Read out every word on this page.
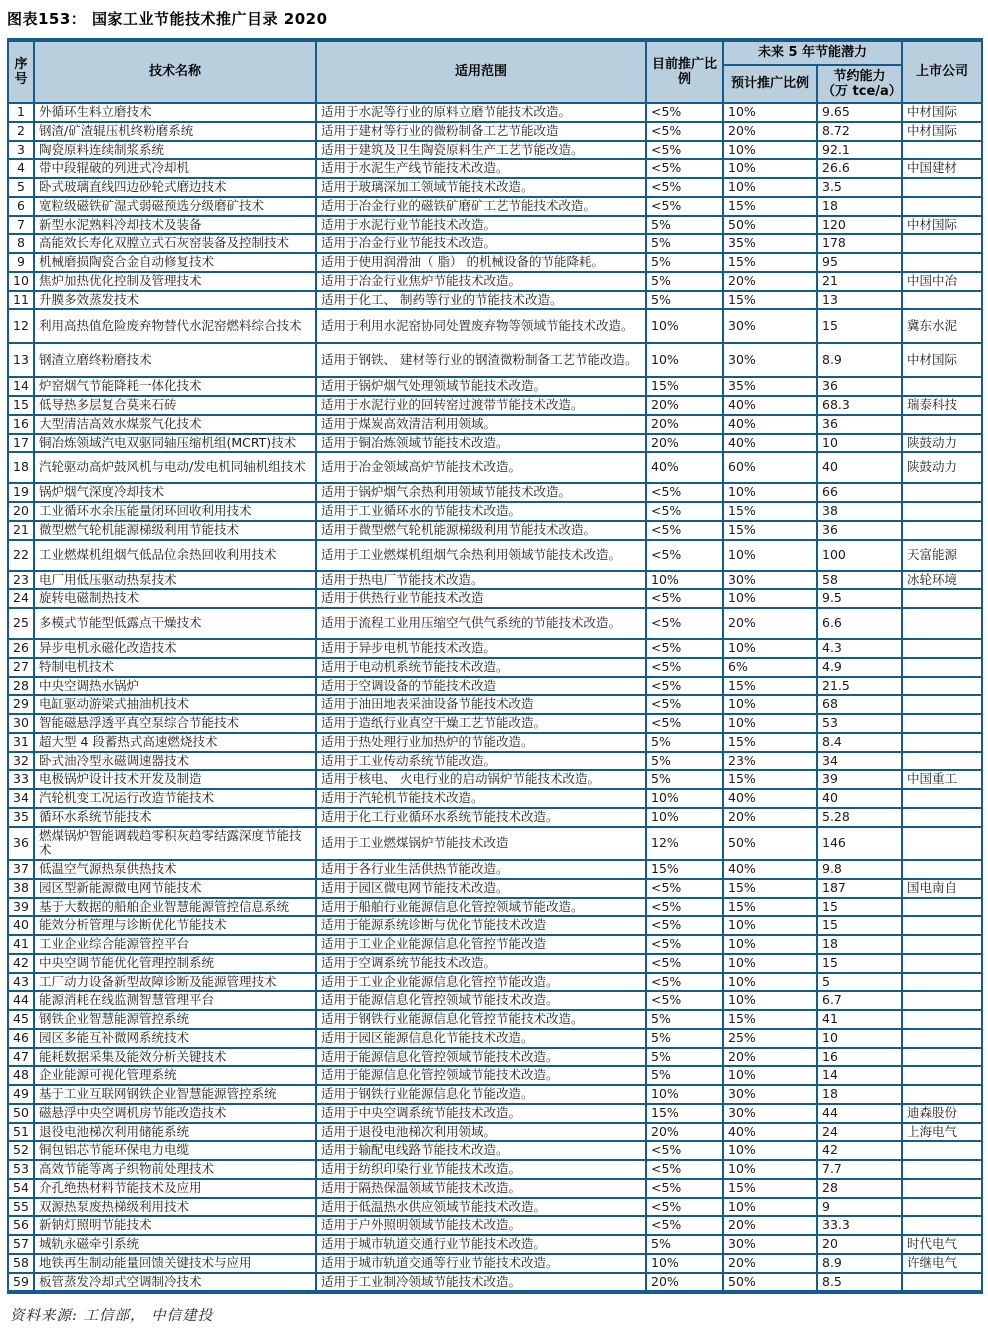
图表153： 国家工业节能技术推广目录 2020
序号	技术名称	适用范围	目前推广比例	未来 5 年节能潜力		上市公司
				预计推广比例	节约能力
（万 tce/a）	
1	外循环生料立磨技术	适用于水泥等行业的原料立磨节能技术改造。	<5%	10%	9.65	中材国际
2	钢渣/矿渣辊压机终粉磨系统	适用于建材等行业的微粉制备工艺节能改造	<5%	20%	8.72	中材国际
3	陶瓷原料连续制浆系统	适用于建筑及卫生陶瓷原料生产工艺节能改造。	<5%	10%	92.1	
4	带中段辊破的列进式冷却机	适用于水泥生产线节能技术改造。	<5%	10%	26.6	中国建材
5	卧式玻璃直线四边砂轮式磨边技术	适用于玻璃深加工领域节能技术改造。	<5%	10%	3.5	
6	宽粒级磁铁矿湿式弱磁预选分级磨矿技术	适用于冶金行业的磁铁矿磨矿工艺节能技术改造。	<5%	15%	18	
7	新型水泥熟料冷却技术及装备	适用于水泥行业节能技术改造。	5%	50%	120	中材国际
8	高能效长寿化双膛立式石灰窑装备及控制技术	适用于冶金行业节能技术改造。	5%	35%	178	
9	机械磨损陶瓷合金自动修复技术	适用于使用润滑油（ 脂） 的机械设备的节能降耗。	5%	15%	95	
10	焦炉加热优化控制及管理技术	适用于冶金行业焦炉节能技术改造。	5%	20%	21	中国中冶
11	升膜多效蒸发技术	适用于化工、 制药等行业的节能技术改造。	5%	15%	13	
12	利用高热值危险废弃物替代水泥窑燃料综合技术	适用于利用水泥窑协同处置废弃物等领域节能技术改造。	10%	30%	15	冀东水泥
13	钢渣立磨终粉磨技术	适用于钢铁、 建材等行业的钢渣微粉制备工艺节能改造。	10%	30%	8.9	中材国际
14	炉窑烟气节能降耗一体化技术	适用于锅炉烟气处理领域节能技术改造。	15%	35%	36	
15	低导热多层复合莫来石砖	适用于水泥行业的回转窑过渡带节能技术改造。	20%	40%	68.3	瑞泰科技
16	大型清洁高效水煤浆气化技术	适用于煤炭高效清洁利用领域。	20%	40%	36	
17	铜冶炼领域汽电双驱同轴压缩机组(MCRT)技术	适用于铜冶炼领域节能技术改造。	20%	40%	10	陕鼓动力
18	汽轮驱动高炉鼓风机与电动/发电机同轴机组技术	适用于冶金领域高炉节能技术改造。	40%	60%	40	陕鼓动力
19	锅炉烟气深度冷却技术	适用于锅炉烟气余热利用领域节能技术改造。	<5%	10%	66	
20	工业循环水余压能量闭环回收利用技术	适用于工业循环水的节能技术改造。	<5%	15%	38	
21	微型燃气轮机能源梯级利用节能技术	适用于微型燃气轮机能源梯级利用节能技术改造。	<5%	15%	36	
22	工业燃煤机组烟气低品位余热回收利用技术	适用于工业燃煤机组烟气余热利用领域节能技术改造。	<5%	10%	100	天富能源
23	电厂用低压驱动热泵技术	适用于热电厂节能技术改造。	10%	30%	58	冰轮环境
24	旋转电磁制热技术	适用于供热行业节能技术改造	<5%	10%	9.5	
25	多模式节能型低露点干燥技术	适用于流程工业用压缩空气供气系统的节能技术改造。	<5%	20%	6.6	
26	异步电机永磁化改造技术	适用于异步电机节能技术改造。	<5%	10%	4.3	
27	特制电机技术	适用于电动机系统节能技术改造。	<5%	6%	4.9	
28	中央空调热水锅炉	适用于空调设备的节能技术改造	<5%	15%	21.5	
29	电缸驱动游梁式抽油机技术	适用于油田地表采油设备节能技术改造	<5%	10%	68	
30	智能磁悬浮透平真空泵综合节能技术	适用于造纸行业真空干燥工艺节能改造。	<5%	10%	53	
31	超大型 4 段蓄热式高速燃烧技术	适用于热处理行业加热炉的节能改造。	5%	15%	8.4	
32	卧式油冷型永磁调速器技术	适用于工业传动系统节能改造。	5%	23%	34	
33	电极锅炉设计技术开发及制造	适用于核电、 火电行业的启动锅炉节能技术改造。	5%	15%	39	中国重工
34	汽轮机变工况运行改造节能技术	适用于汽轮机节能技术改造。	10%	40%	40	
35	循环水系统节能技术	适用于化工行业循环水系统节能技术改造。	10%	20%	5.28	
36	燃煤锅炉智能调载趋零积灰趋零结露深度节能技术	适用于工业燃煤锅炉节能技术改造	12%	50%	146	
37	低温空气源热泵供热技术	适用于各行业生活供热节能改造。	15%	40%	9.8	
38	园区型新能源微电网节能技术	适用于园区微电网节能技术改造。	<5%	15%	187	国电南自
39	基于大数据的船舶企业智慧能源管控信息系统	适用于船舶行业能源信息化管控领域节能改造。	<5%	15%	15	
40	能效分析管理与诊断优化节能技术	适用于能源系统诊断与优化节能技术改造	<5%	10%	15	
41	工业企业综合能源管控平台	适用于工业企业能源信息化管控节能改造	<5%	10%	18	
42	中央空调节能优化管理控制系统	适用于空调系统节能技术改造。	<5%	10%	15	
43	工厂动力设备新型故障诊断及能源管理技术	适用于工业企业能源信息化管控节能改造。	<5%	10%	5	
44	能源消耗在线监测智慧管理平台	适用于能源信息化管控领域节能技术改造。	<5%	10%	6.7	
45	钢铁企业智慧能源管控系统	适用于钢铁行业能源信息化管控节能技术改造。	5%	15%	41	
46	园区多能互补微网系统技术	适用于园区能源信息化节能技术改造。	5%	25%	10	
47	能耗数据采集及能效分析关键技术	适用于能源信息化管控领域节能技术改造。	5%	20%	16	
48	企业能源可视化管理系统	适用于能源信息化管控领域节能技术改造。	5%	10%	14	
49	基于工业互联网钢铁企业智慧能源管控系统	适用于钢铁行业能源信息化节能改造。	10%	30%	18	
50	磁悬浮中央空调机房节能改造技术	适用于中央空调系统节能技术改造。	15%	30%	44	迪森股份
51	退役电池梯次利用储能系统	适用于退役电池梯次利用领域。	20%	40%	24	上海电气
52	铜包铝芯节能环保电力电缆	适用于输配电线路节能技术改造。	<5%	10%	42	
53	高效节能等离子织物前处理技术	适用于纺织印染行业节能技术改造。	<5%	10%	7.7	
54	介孔绝热材料节能技术及应用	适用于隔热保温领域节能技术改造。	<5%	15%	28	
55	双源热泵废热梯级利用技术	适用于低温热水供应领域节能技术改造。	<5%	10%	9	
56	新钠灯照明节能技术	适用于户外照明领域节能技术改造。	<5%	20%	33.3	
57	城轨永磁牵引系统	适用于城市轨道交通行业节能技术改造。	5%	30%	20	时代电气
58	地铁再生制动能量回馈关键技术与应用	适用于城市轨道交通等行业节能技术改造。	10%	20%	8.9	许继电气
59	板管蒸发冷却式空调制冷技术	适用于工业制冷领域节能技术改造。	20%	50%	8.5	
资料来源: 工信部， 中信建投
